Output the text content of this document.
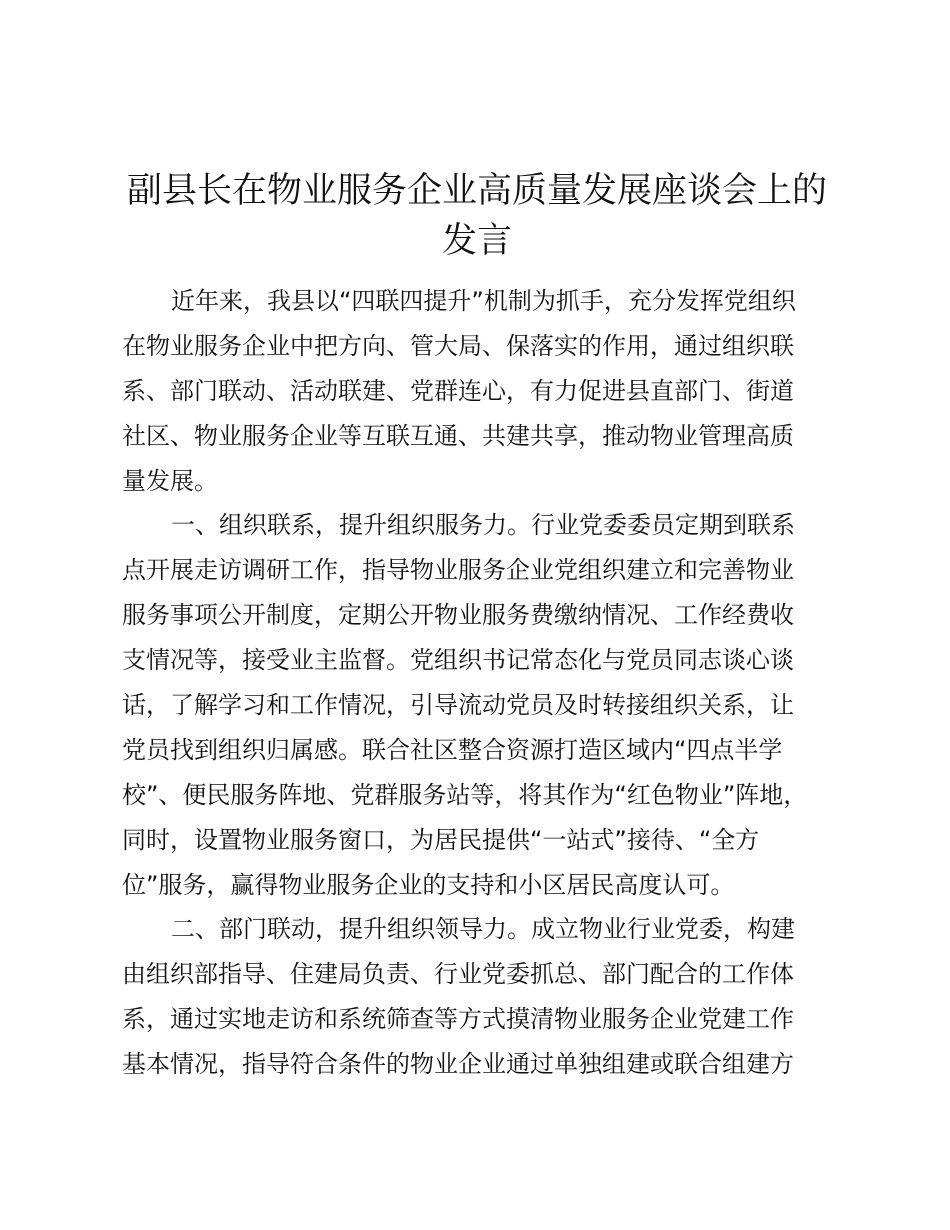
副县长在物业服务企业高质量发展座谈会上的
发言
近年来，我县以“四联四提升”机制为抓手，充分发挥党组织
在物业服务企业中把方向、管大局、保落实的作用，通过组织联
系、部门联动、活动联建、党群连心，有力促进县直部门、街道
社区、物业服务企业等互联互通、共建共享，推动物业管理高质
量发展。
一、组织联系，提升组织服务力。行业党委委员定期到联系
点开展走访调研工作，指导物业服务企业党组织建立和完善物业
服务事项公开制度，定期公开物业服务费缴纳情况、工作经费收
支情况等，接受业主监督。党组织书记常态化与党员同志谈心谈
话，了解学习和工作情况，引导流动党员及时转接组织关系，让
党员找到组织归属感。联合社区整合资源打造区域内“四点半学
校”、便民服务阵地、党群服务站等，将其作为“红色物业”阵地，
同时，设置物业服务窗口，为居民提供“一站式”接待、“全方
位”服务，赢得物业服务企业的支持和小区居民高度认可。
二、部门联动，提升组织领导力。成立物业行业党委，构建
由组织部指导、住建局负责、行业党委抓总、部门配合的工作体
系，通过实地走访和系统筛查等方式摸清物业服务企业党建工作
基本情况，指导符合条件的物业企业通过单独组建或联合组建方
